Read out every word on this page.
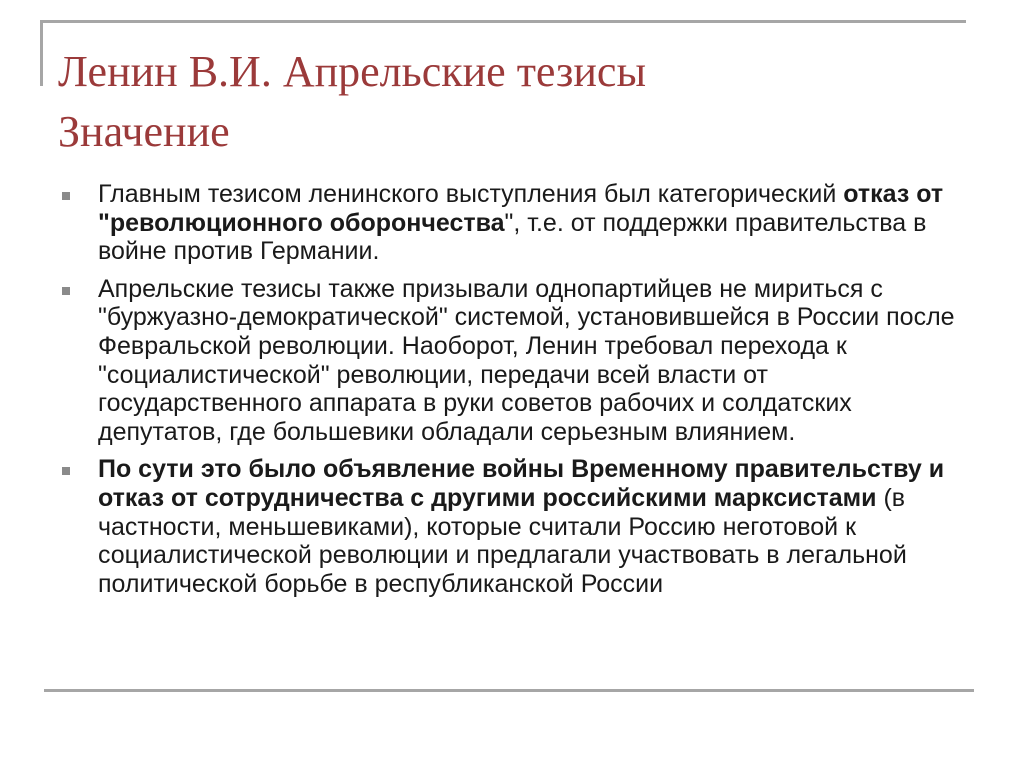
Ленин В.И. Апрельские тезисы
Значение
Главным тезисом ленинского выступления был категорический отказ от "революционного оборончества", т.е. от поддержки правительства в войне против Германии.
Апрельские тезисы также призывали однопартийцев не мириться с "буржуазно-демократической" системой, установившейся в России после Февральской революции. Наоборот, Ленин требовал перехода к "социалистической" революции, передачи всей власти от государственного аппарата в руки советов рабочих и солдатских депутатов, где большевики обладали серьезным влиянием.
По сути это было объявление войны Временному правительству и отказ от сотрудничества с другими российскими марксистами (в частности, меньшевиками), которые считали Россию неготовой к социалистической революции и предлагали участвовать в легальной политической борьбе в республиканской России
